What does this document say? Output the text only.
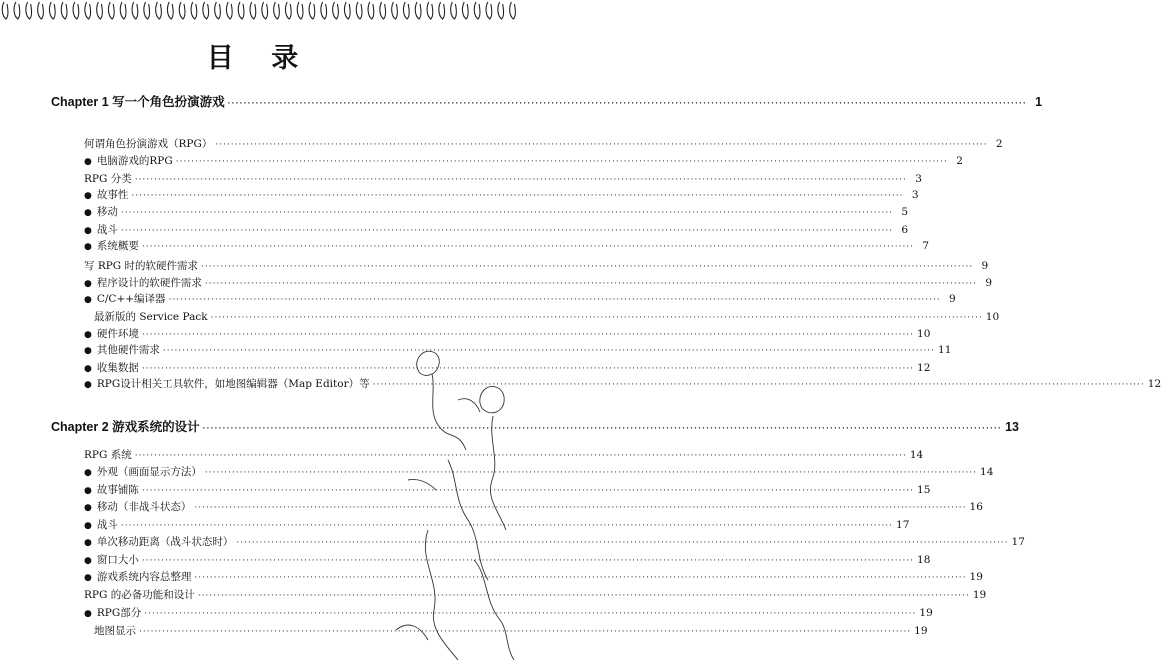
目 录
Chapter 1 写一个角色扮演游戏 ········································································································································································································ 1
何谓角色扮演游戏（RPG） ········································································································································································································ 2
● 电脑游戏的RPG ········································································································································································································ 2
RPG 分类 ········································································································································································································ 3
● 故事性 ········································································································································································································ 3
● 移动 ········································································································································································································ 5
● 战斗 ········································································································································································································ 6
● 系统概要 ········································································································································································································ 7
写 RPG 时的软硬件需求 ········································································································································································································ 9
● 程序设计的软硬件需求 ········································································································································································································ 9
● C/C++编译器 ········································································································································································································ 9
最新版的 Service Pack ········································································································································································································ 10
● 硬件环境 ········································································································································································································ 10
● 其他硬件需求 ········································································································································································································ 11
● 收集数据 ········································································································································································································ 12
● RPG设计相关工具软件，如地图编辑器（Map Editor）等 ········································································································································································································ 12
Chapter 2 游戏系统的设计 ········································································································································································································ 13
RPG 系统 ········································································································································································································ 14
● 外观（画面显示方法） ········································································································································································································ 14
● 故事铺陈 ········································································································································································································ 15
● 移动（非战斗状态） ········································································································································································································ 16
● 战斗 ········································································································································································································ 17
● 单次移动距离（战斗状态时） ········································································································································································································ 17
● 窗口大小 ········································································································································································································ 18
● 游戏系统内容总整理 ········································································································································································································ 19
RPG 的必备功能和设计 ········································································································································································································ 19
● RPG部分 ········································································································································································································ 19
地图显示 ········································································································································································································ 19
